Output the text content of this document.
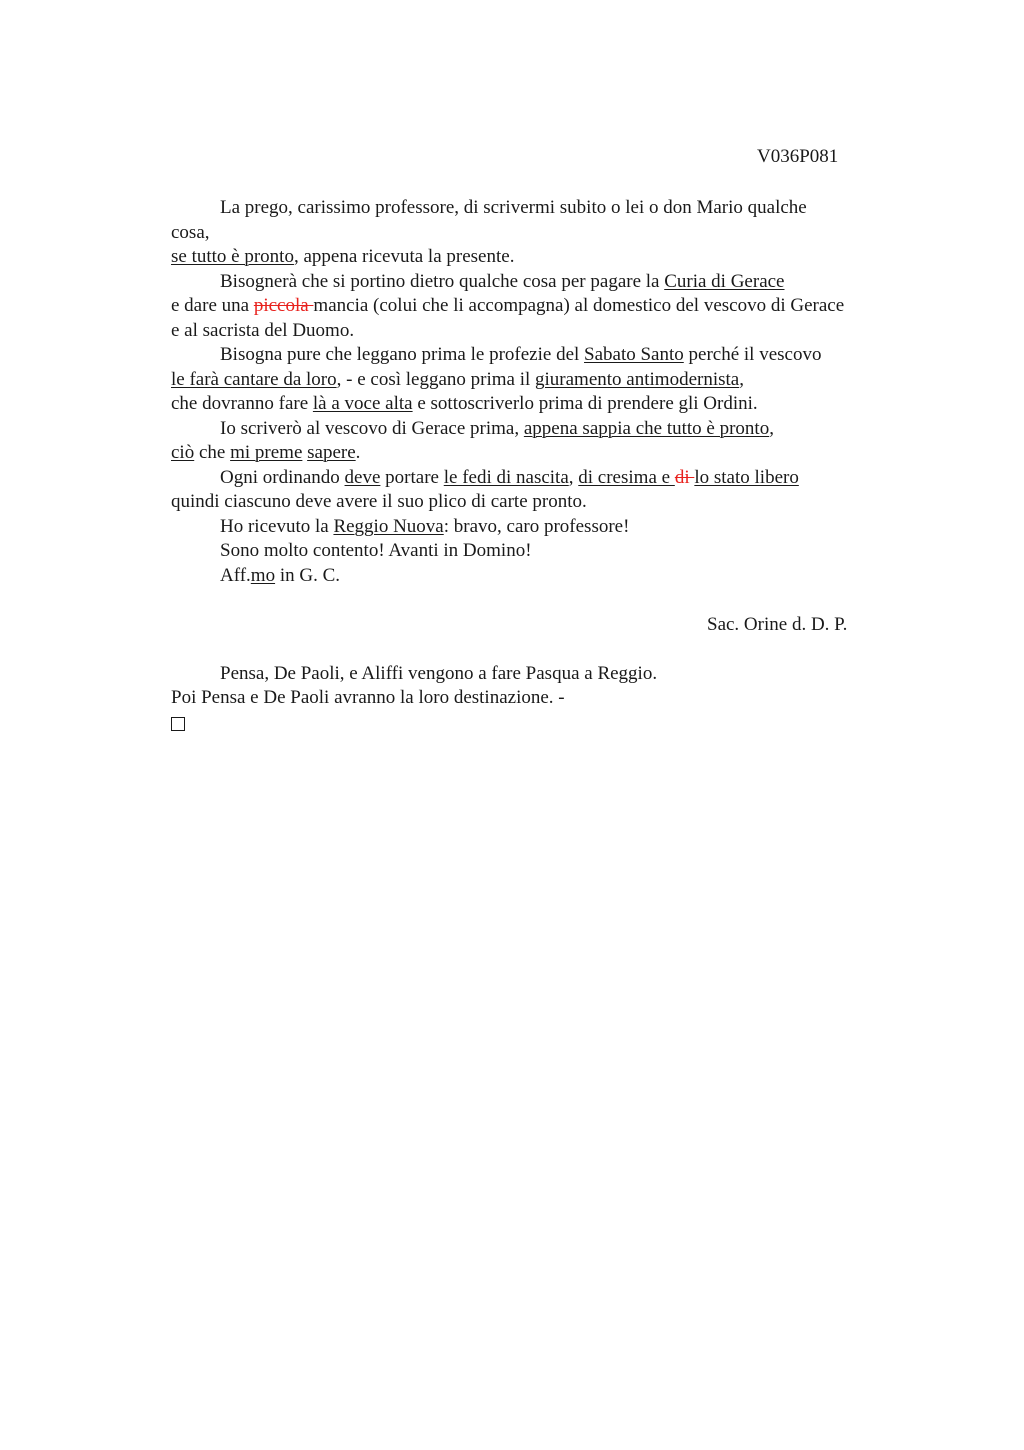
V036P081
La prego, carissimo professore, di scrivermi subito o lei o don Mario qualche
cosa,
se tutto è pronto, appena ricevuta la presente.
Bisognerà che si portino dietro qualche cosa per pagare la Curia di Gerace
e dare una piccola mancia (colui che li accompagna) al domestico del vescovo di Gerace
e al sacrista del Duomo.
Bisogna pure che leggano prima le profezie del Sabato Santo perché il vescovo
le farà cantare da loro, - e così leggano prima il giuramento antimodernista,
che dovranno fare là a voce alta e sottoscriverlo prima di prendere gli Ordini.
Io scriverò al vescovo di Gerace prima, appena sappia che tutto è pronto,
ciò che mi preme sapere.
Ogni ordinando deve portare le fedi di nascita, di cresima e di lo stato libero
quindi ciascuno deve avere il suo plico di carte pronto.
Ho ricevuto la Reggio Nuova: bravo, caro professore!
Sono molto contento! Avanti in Domino!
Aff.mo in G. C.
Sac. Orine d. D. P.
Pensa, De Paoli, e Aliffi vengono a fare Pasqua a Reggio.
Poi Pensa e De Paoli avranno la loro destinazione. -
